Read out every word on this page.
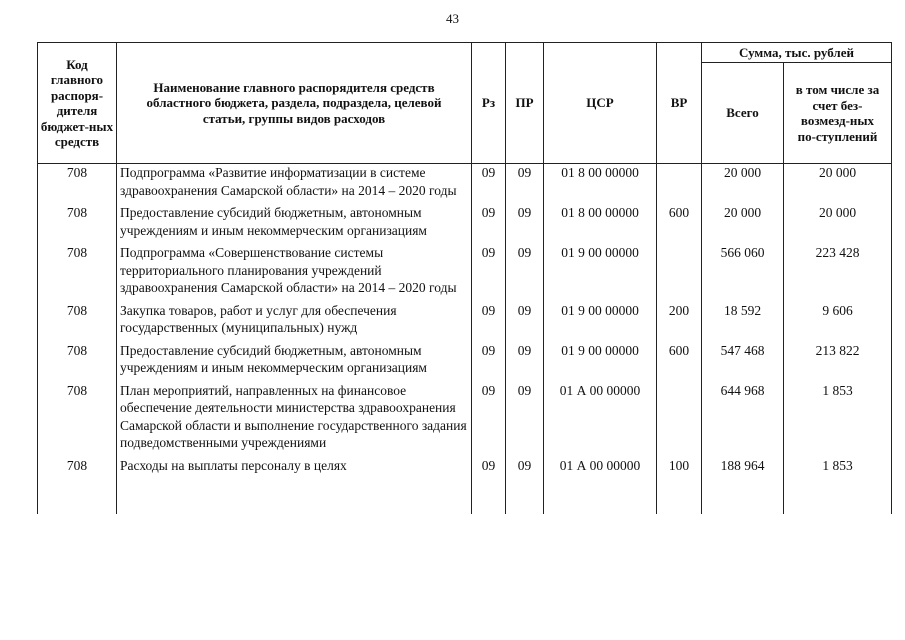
43
Код главного распоря-дителя бюджет-ных средств	Наименование главного распорядителя средств областного бюджета, раздела, подраздела, целевой статьи, группы видов расходов	Рз	ПР	ЦСР	ВР	Сумма, тыс. рублей	
						Всего	в том числе за счет без-возмезд-ных по-ступлений
708	Подпрограмма «Развитие информатизации в системе здравоохранения Самарской области» на 2014 – 2020 годы	09	09	01 8 00 00000		20 000	20 000
708	Предоставление субсидий бюджетным, автономным учреждениям и иным некоммерческим организациям	09	09	01 8 00 00000	600	20 000	20 000
708	Подпрограмма «Совершенствование системы территориального планирования учреждений здравоохранения Самарской области» на 2014 – 2020 годы	09	09	01 9 00 00000		566 060	223 428
708	Закупка товаров, работ и услуг для обеспечения государственных (муниципальных) нужд	09	09	01 9 00 00000	200	18 592	9 606
708	Предоставление субсидий бюджетным, автономным учреждениям и иным некоммерческим организациям	09	09	01 9 00 00000	600	547 468	213 822
708	План мероприятий, направленных на финансовое обеспечение деятельности министерства здравоохранения Самарской области и выполнение государственного задания подведомственными учреждениями	09	09	01 А 00 00000		644 968	1 853
708	Расходы на выплаты персоналу в целях	09	09	01 А 00 00000	100	188 964	1 853
